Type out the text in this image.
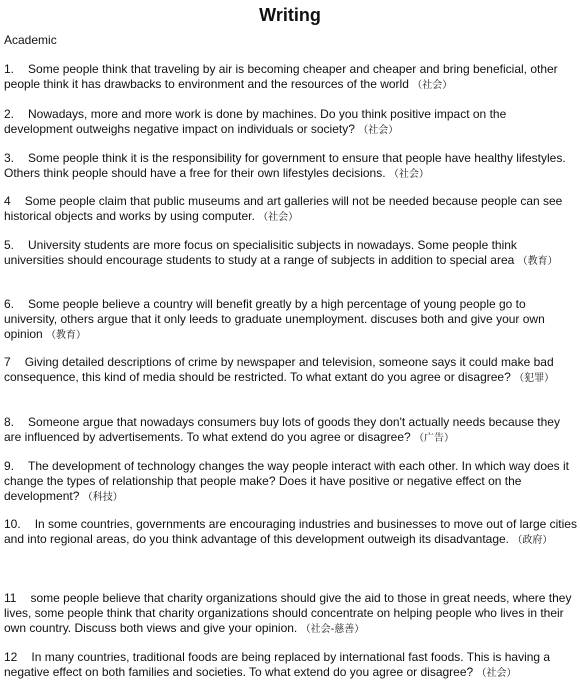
Writing
Academic

1. Some people think that traveling by air is becoming cheaper and cheaper and bring beneficial, other people think it has drawbacks to environment and the resources of the world （社会）

2. Nowadays, more and more work is done by machines. Do you think positive impact on the development outweighs negative impact on individuals or society? （社会）

3. Some people think it is the responsibility for government to ensure that people have healthy lifestyles. Others think people should have a free for their own lifestyles decisions. （社会）

4 Some people claim that public museums and art galleries will not be needed because people can see historical objects and works by using computer. （社会）

5. University students are more focus on specialisitic subjects in nowadays. Some people think universities should encourage students to study at a range of subjects in addition to special area （教育）

6. Some people believe a country will benefit greatly by a high percentage of young people go to university, others argue that it only leeds to graduate unemployment. discuses both and give your own opinion （教育）

7 Giving detailed descriptions of crime by newspaper and television, someone says it could make bad consequence, this kind of media should be restricted. To what extant do you agree or disagree? （犯罪）

8. Someone argue that nowadays consumers buy lots of goods they don't actually needs because they are influenced by advertisements. To what extend do you agree or disagree? （广告）

9. The development of technology changes the way people interact with each other. In which way does it change the types of relationship that people make? Does it have positive or negative effect on the development? （科技）

10. In some countries, governments are encouraging industries and businesses to move out of large cities and into regional areas, do you think advantage of this development outweigh its disadvantage. （政府）

11 some people believe that charity organizations should give the aid to those in great needs, where they lives, some people think that charity organizations should concentrate on helping people who lives in their own country. Discuss both views and give your opinion. （社会-慈善）

12 In many countries, traditional foods are being replaced by international fast foods. This is having a negative effect on both families and societies. To what extend do you agree or disagree? （社会）
